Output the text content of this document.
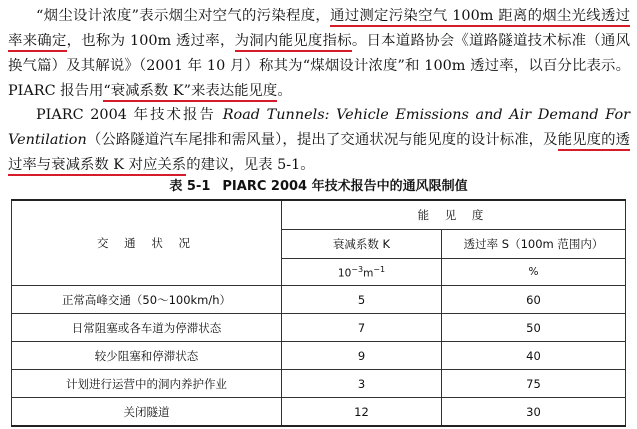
“烟尘设计浓度”表示烟尘对空气的污染程度，通过测定污染空气 100m 距离的烟尘光线透过率来确定，也称为 100m 透过率，为洞内能见度指标。日本道路协会《道路隧道技术标准（通风换气篇）及其解说》（2001 年 10 月）称其为“煤烟设计浓度”和 100m 透过率，以百分比表示。PIARC 报告用“衰减系数 K”来表达能见度。

PIARC 2004 年技术报告 Road Tunnels: Vehicle Emissions and Air Demand For Ventilation（公路隧道汽车尾排和需风量），提出了交通状况与能见度的设计标准，及能见度的透过率与衰减系数 K 对应关系的建议，见表 5-1。

表 5-1 PIARC 2004 年技术报告中的通风限制值
交 通 状 况	能 见 度	
	衰减系数 K	透过率 S（100m 范围内）
	$10^{-3}m^{-1}$	%
正常高峰交通（50～100km/h）	5	60
日常阻塞或各车道为停滞状态	7	50
较少阻塞和停滞状态	9	40
计划进行运营中的洞内养护作业	3	75
关闭隧道	12	30
